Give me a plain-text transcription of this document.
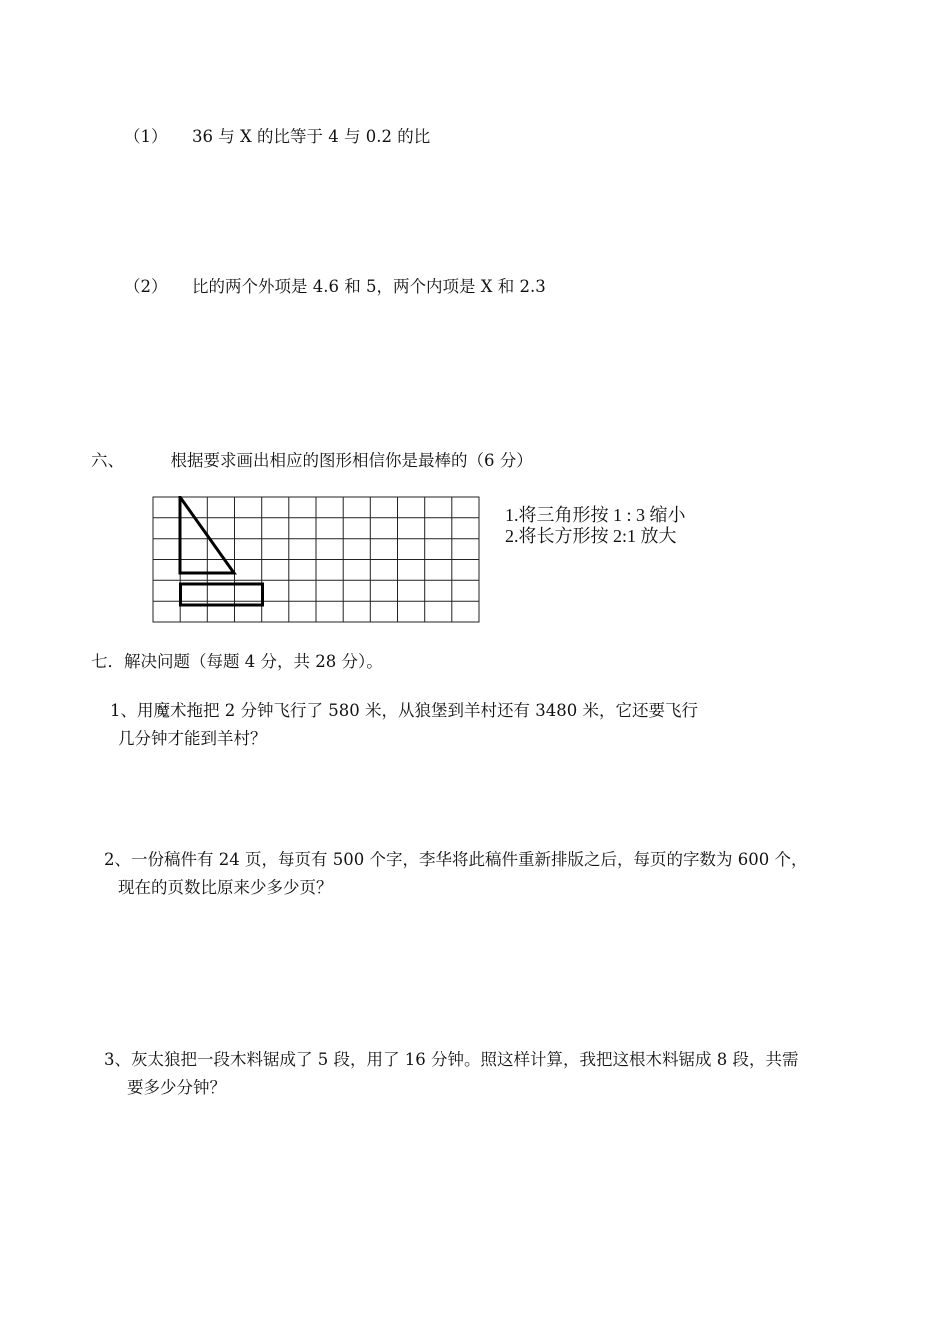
（1） 36 与 X 的比等于 4 与 0.2 的比
（2） 比的两个外项是 4.6 和 5，两个内项是 X 和 2.3
六、	根据要求画出相应的图形相信你是最棒的（6 分）
1.将三角形按 1 : 3 缩小
2.将长方形按 2:1 放大
七．解决问题（每题 4 分，共 28 分）。
1、用魔术拖把 2 分钟飞行了 580 米，从狼堡到羊村还有 3480 米，它还要飞行
几分钟才能到羊村？
2、一份稿件有 24 页，每页有 500 个字，李华将此稿件重新排版之后，每页的字数为 600 个，
现在的页数比原来少多少页？
3、灰太狼把一段木料锯成了 5 段，用了 16 分钟。照这样计算，我把这根木料锯成 8 段，共需
要多少分钟？
